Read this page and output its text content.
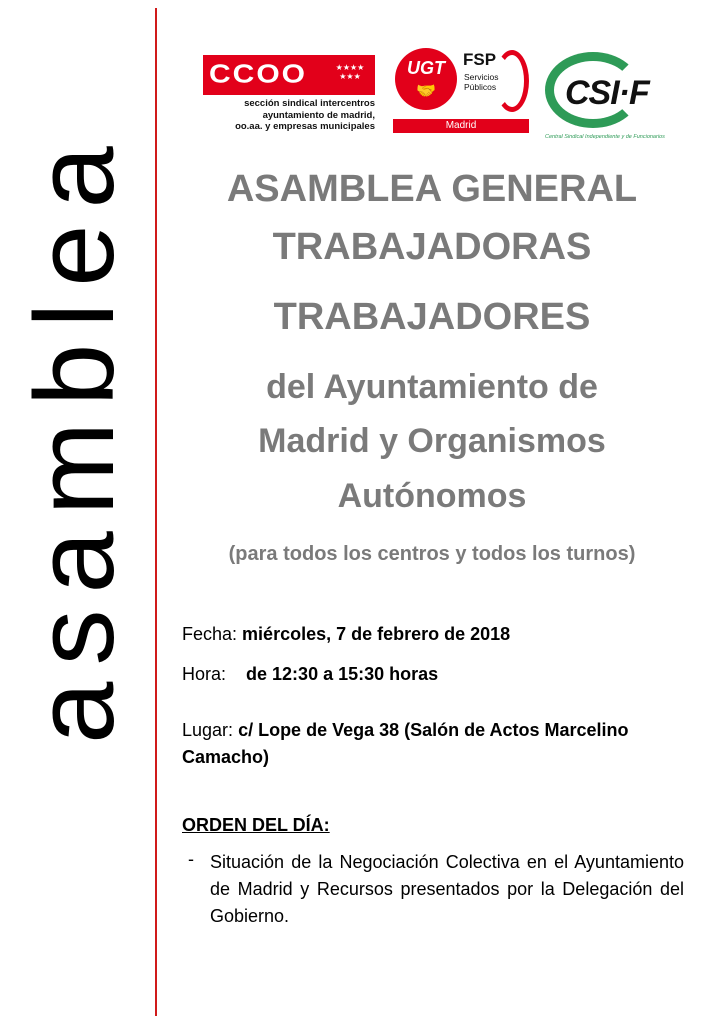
asamblea
CCOO	★★★★
★★★
sección sindical intercentros
ayuntamiento de madrid,
oo.aa. y empresas municipales
UGT
🤝
FSP
Servicios
Públicos
Madrid
CSI·F
Central Sindical Independiente y de Funcionarios
ASAMBLEA GENERAL
TRABAJADORAS
TRABAJADORES
del Ayuntamiento de
Madrid y Organismos
Autónomos
(para todos los centros y todos los turnos)
Fecha: miércoles, 7 de febrero de 2018
Hora: de 12:30 a 15:30 horas
Lugar: c/ Lope de Vega 38 (Salón de Actos Marcelino
Camacho)
ORDEN DEL DÍA:
- Situación de la Negociación Colectiva en el Ayuntamiento de Madrid y Recursos presentados por la Delegación del Gobierno.
